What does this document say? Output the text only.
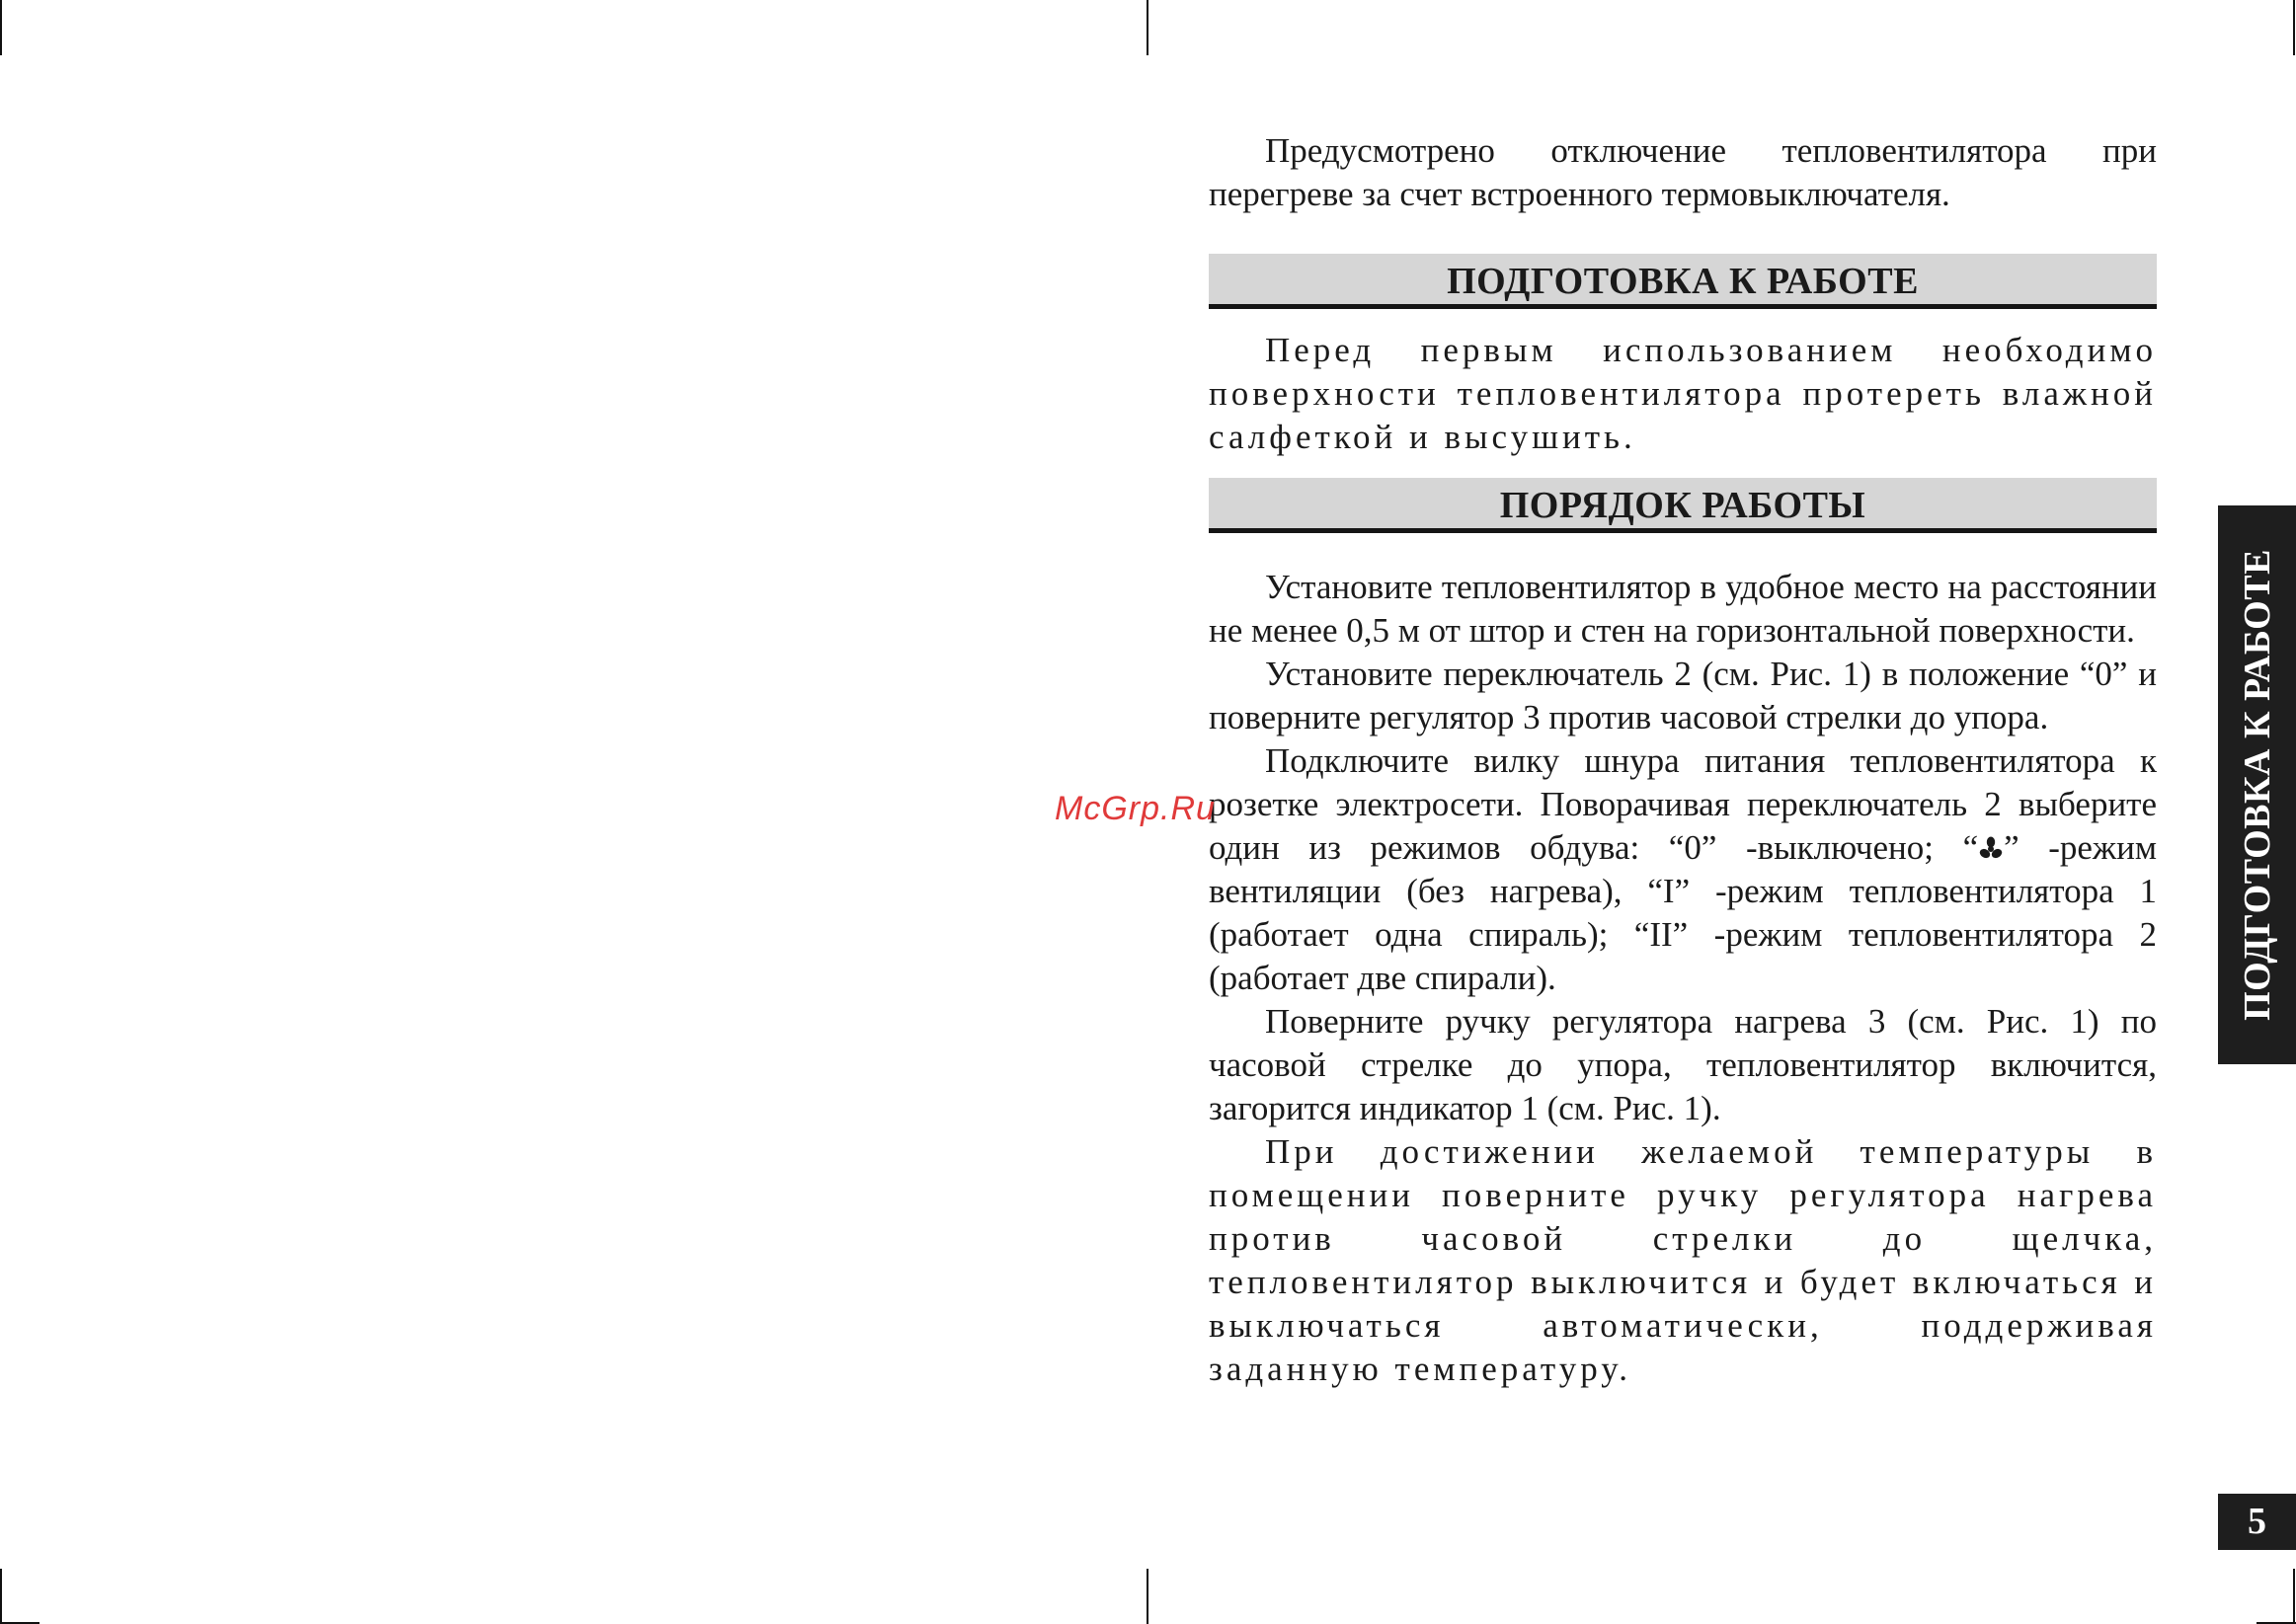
Предусмотрено отключение тепловентилятора при перегреве за счет встроенного термовыключателя.

ПОДГОТОВКА К РАБОТЕ

Перед первым использованием необходимо поверхности тепловентилятора протереть влажной салфеткой и высушить.

ПОРЯДОК РАБОТЫ

Установите тепловентилятор в удобное место на расстоянии не менее 0,5 м от штор и стен на горизонтальной поверхности.

Установите переключатель 2 (см. Рис. 1) в положение “0” и поверните регулятор 3 против часовой стрелки до упора.

Подключите вилку шнура питания тепловентилятора к розетке электросети. Поворачивая переключатель 2 выберите один из режимов обдува: “0” -выключено; “ ” -режим вентиляции (без нагрева), “I” -режим тепловентилятора 1 (работает одна спираль); “II” -режим тепловентилятора 2 (работает две спирали).

Поверните ручку регулятора нагрева 3 (см. Рис. 1) по часовой стрелке до упора, тепловентилятор включится, загорится индикатор 1 (см. Рис. 1).

При достижении желаемой температуры в помещении поверните ручку регулятора нагрева против часовой стрелки до щелчка, тепловентилятор выключится и будет включаться и выключаться автоматически, поддерживая заданную температуру.

McGrp.Ru	ПОДГОТОВКА К РАБОТЕ
5
